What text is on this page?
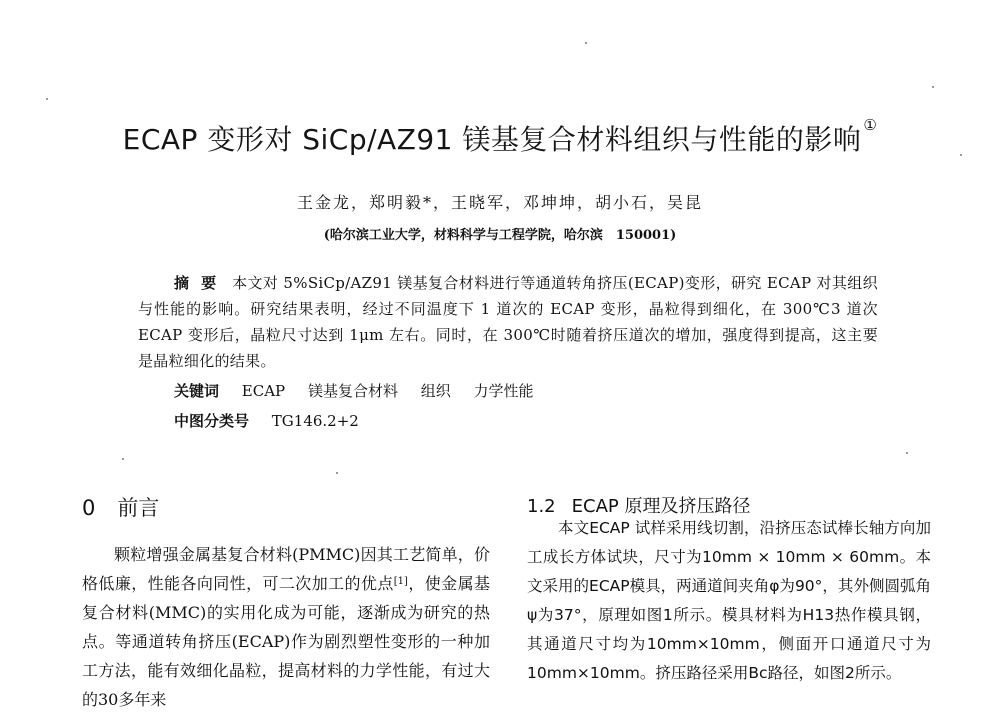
ECAP 变形对 SiCp/AZ91 镁基复合材料组织与性能的影响 ①
王金龙，郑明毅*，王晓军，邓坤坤，胡小石，吴昆
(哈尔滨工业大学，材料科学与工程学院，哈尔滨　150001)
摘要 本文对 5%SiCp/AZ91 镁基复合材料进行等通道转角挤压(ECAP)变形，研究 ECAP 对其组织与性能的影响。研究结果表明，经过不同温度下 1 道次的 ECAP 变形，晶粒得到细化，在 300℃3 道次 ECAP 变形后，晶粒尺寸达到 1μm 左右。同时，在 300℃时随着挤压道次的增加，强度得到提高，这主要是晶粒细化的结果。
关键词 ECAP 镁基复合材料 组织 力学性能
中图分类号 TG146.2+2
0 前言

颗粒增强金属基复合材料(PMMC)因其工艺简单，价格低廉，性能各向同性，可二次加工的优点[1]，使金属基复合材料(MMC)的实用化成为可能，逐渐成为研究的热点。等通道转角挤压(ECAP)作为剧烈塑性变形的一种加工方法，能有效细化晶粒，提高材料的力学性能，有过大的30多年来

1.2 ECAP 原理及挤压路径

本文ECAP 试样采用线切割，沿挤压态试棒长轴方向加工成长方体试块，尺寸为10mm × 10mm × 60mm。本文采用的ECAP模具，两通道间夹角φ为90°，其外侧圆弧角ψ为37°，原理如图1所示。模具材料为H13热作模具钢，其通道尺寸均为10mm×10mm，侧面开口通道尺寸为10mm×10mm。挤压路径采用Bc路径，如图2所示。
